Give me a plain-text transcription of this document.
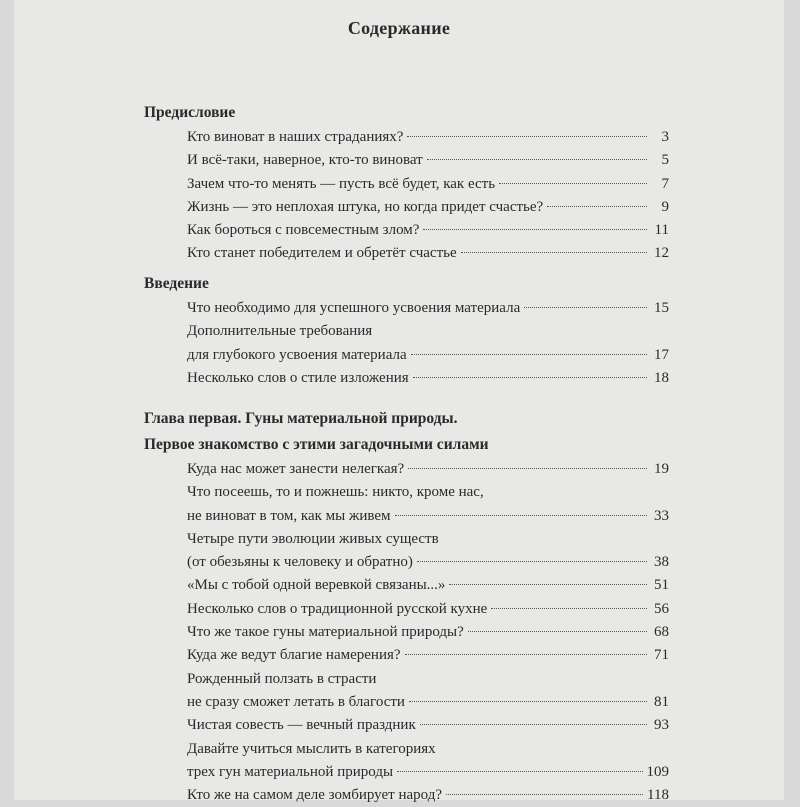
Содержание
Предисловие
Кто виноват в наших страданиях?	3
И всё-таки, наверное, кто-то виноват	5
Зачем что-то менять — пусть всё будет, как есть	7
Жизнь — это неплохая штука, но когда придет счастье?	9
Как бороться с повсеместным злом?	11
Кто станет победителем и обретёт счастье	12
Введение
Что необходимо для успешного усвоения материала	15
Дополнительные требования
для глубокого усвоения материала	17
Несколько слов о стиле изложения	18
Глава первая. Гуны материальной природы.
Первое знакомство с этими загадочными силами
Куда нас может занести нелегкая?	19
Что посеешь, то и пожнешь: никто, кроме нас,
не виноват в том, как мы живем	33
Четыре пути эволюции живых существ
(от обезьяны к человеку и обратно)	38
«Мы с тобой одной веревкой связаны...»	51
Несколько слов о традиционной русской кухне	56
Что же такое гуны материальной природы?	68
Куда же ведут благие намерения?	71
Рожденный ползать в страсти
не сразу сможет летать в благости	81
Чистая совесть — вечный праздник	93
Давайте учиться мыслить в категориях
трех гун материальной природы	109
Кто же на самом деле зомбирует народ?	118
